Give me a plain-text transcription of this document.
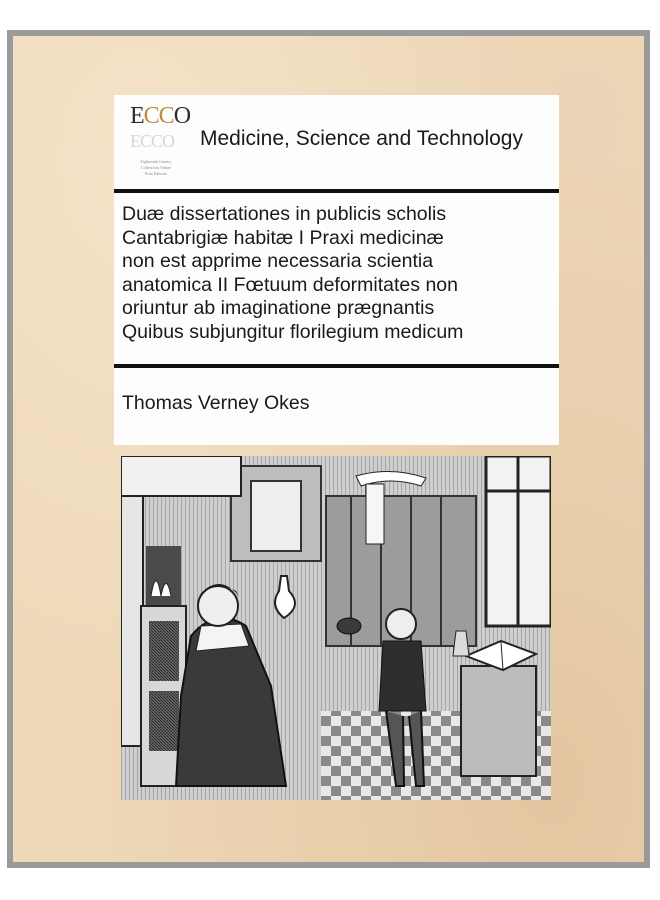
ECCO
ECCO
Eighteenth Century
Collections Online
Print Editions
Medicine, Science and Technology
Duæ dissertationes in publicis scholis
Cantabrigiæ habitæ I Praxi medicinæ
non est apprime necessaria scientia
anatomica II Fœtuum deformitates non
oriuntur ab imaginatione prægnantis
Quibus subjungitur florilegium medicum
Thomas Verney Okes
